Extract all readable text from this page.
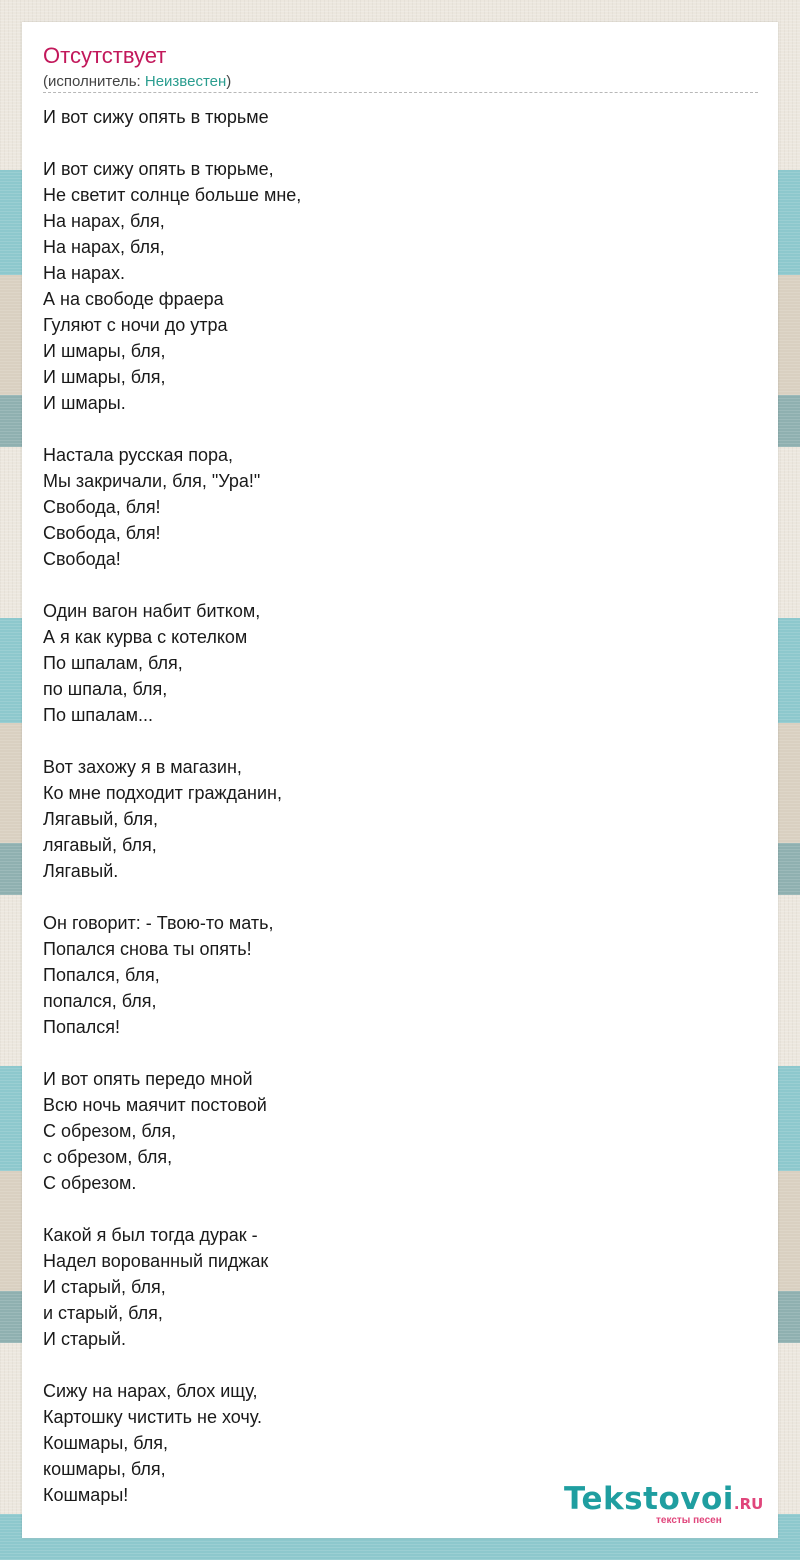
Отсутствует
(исполнитель: Неизвестен)
И вот сижу опять в тюрьме
И вот сижу опять в тюрьме,
Не светит солнце больше мне,
На нарах, бля,
На нарах, бля,
На нарах.
А на свободе фраера
Гуляют с ночи до утра
И шмары, бля,
И шмары, бля,
И шмары.
Настала русская пора,
Мы закричали, бля, "Ура!"
Свобода, бля!
Свобода, бля!
Свобода!
Один вагон набит битком,
А я как курва с котелком
По шпалам, бля,
по шпала, бля,
По шпалам...
Вот захожу я в магазин,
Ко мне подходит гражданин,
Лягавый, бля,
лягавый, бля,
Лягавый.
Он говорит: - Твою-то мать,
Попался снова ты опять!
Попался, бля,
попался, бля,
Попался!
И вот опять передо мной
Всю ночь маячит постовой
С обрезом, бля,
с обрезом, бля,
С обрезом.
Какой я был тогда дурак -
Надел ворованный пиджак
И старый, бля,
и старый, бля,
И старый.
Сижу на нарах, блох ищу,
Картошку чистить не хочу.
Кошмары, бля,
кошмары, бля,
Кошмары!	Tekstovoi.RU
тексты песен
